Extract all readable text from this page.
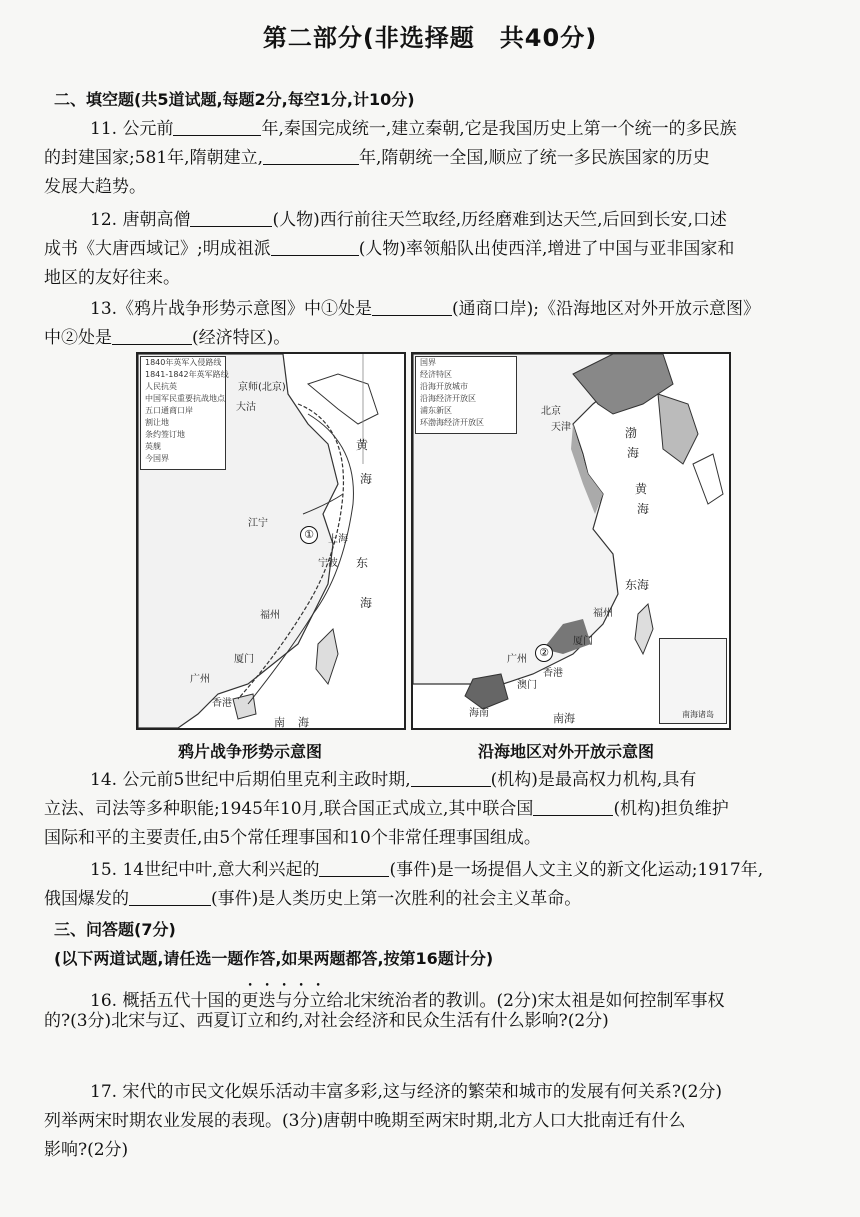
第二部分(非选择题　共40分)
二、填空题(共5道试题,每题2分,每空1分,计10分)
11. 公元前	年,秦国完成统一,建立秦朝,它是我国历史上第一个统一的多民族
的封建国家;581年,隋朝建立,	年,隋朝统一全国,顺应了统一多民族国家的历史
发展大趋势。
12. 唐朝高僧	(人物)西行前往天竺取经,历经磨难到达天竺,后回到长安,口述
成书《大唐西域记》;明成祖派	(人物)率领船队出使西洋,增进了中国与亚非国家和
地区的友好往来。
13.《鸦片战争形势示意图》中①处是	(通商口岸);《沿海地区对外开放示意图》
中②处是	(经济特区)。
1840年英军入侵路线
1841-1842年英军路线
人民抗英
中国军民重要抗战地点
五口通商口岸
割让地
条约签订地
英舰
今国界
京师(北京)
大沽
江宁
上海
宁波
福州
厦门
广州
香港
东
海
黄
海
南 海
①
鸦片战争形势示意图
国界
经济特区
沿海开放城市
沿海经济开放区
浦东新区
环渤海经济开放区
北京
天津	渤
海
黄
海
东海
福州
厦门
广州
香港
澳门
海南	南海	南海诸岛
②
沿海地区对外开放示意图
14. 公元前5世纪中后期伯里克利主政时期,	(机构)是最高权力机构,具有
立法、司法等多种职能;1945年10月,联合国正式成立,其中联合国	(机构)担负维护
国际和平的主要责任,由5个常任理事国和10个非常任理事国组成。
15. 14世纪中叶,意大利兴起的	(事件)是一场提倡人文主义的新文化运动;1917年,
俄国爆发的	(事件)是人类历史上第一次胜利的社会主义革命。
三、问答题(7分)
(以下两道试题,请任选一题作答,如果两题都答,按第16题计分)
16. 概括五代十国的更迭与分立给北宋统治者的教训。(2分)宋太祖是如何控制军事权
的?(3分)北宋与辽、西夏订立和约,对社会经济和民众生活有什么影响?(2分)
17. 宋代的市民文化娱乐活动丰富多彩,这与经济的繁荣和城市的发展有何关系?(2分)
列举两宋时期农业发展的表现。(3分)唐朝中晚期至两宋时期,北方人口大批南迁有什么
影响?(2分)
